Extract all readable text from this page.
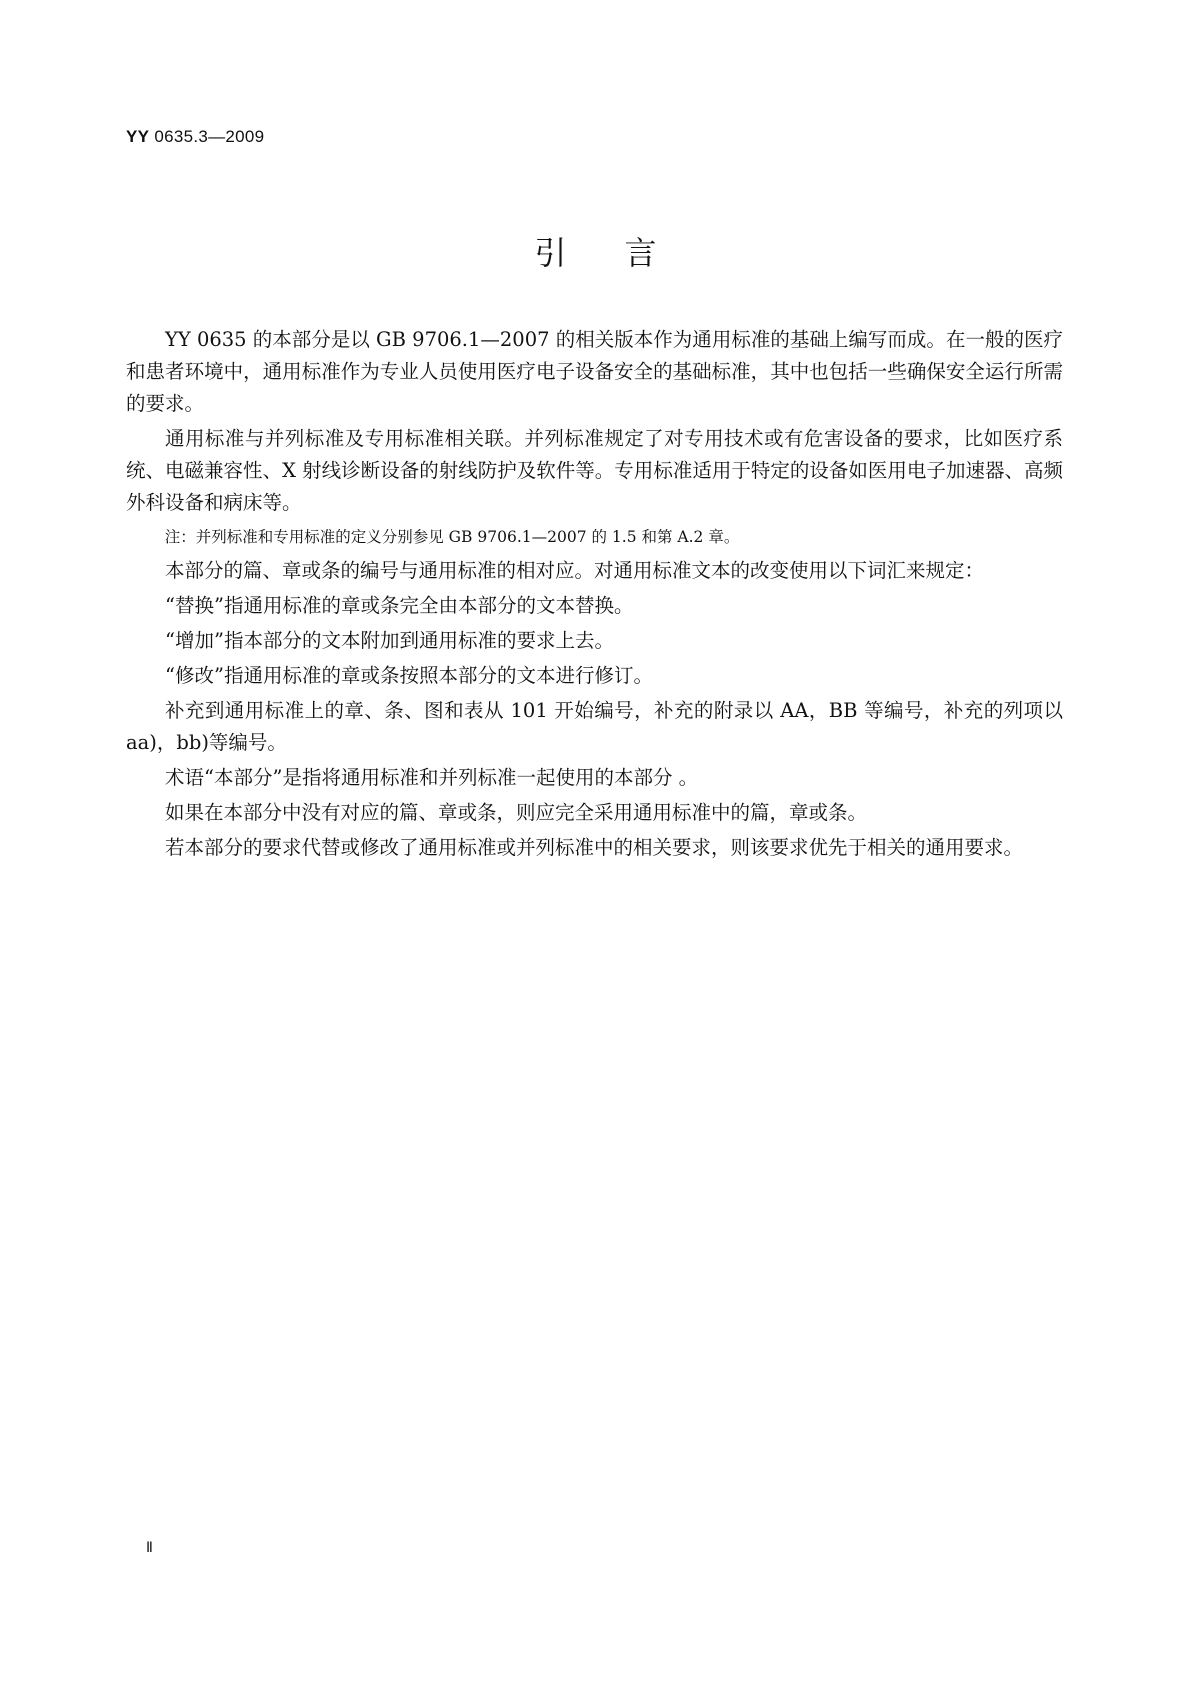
YY 0635.3—2009
引言

YY 0635 的本部分是以 GB 9706.1—2007 的相关版本作为通用标准的基础上编写而成。在一般的医疗和患者环境中，通用标准作为专业人员使用医疗电子设备安全的基础标准，其中也包括一些确保安全运行所需的要求。

通用标准与并列标准及专用标准相关联。并列标准规定了对专用技术或有危害设备的要求，比如医疗系统、电磁兼容性、X 射线诊断设备的射线防护及软件等。专用标准适用于特定的设备如医用电子加速器、高频外科设备和病床等。

注：并列标准和专用标准的定义分别参见 GB 9706.1—2007 的 1.5 和第 A.2 章。

本部分的篇、章或条的编号与通用标准的相对应。对通用标准文本的改变使用以下词汇来规定：

“替换”指通用标准的章或条完全由本部分的文本替换。

“增加”指本部分的文本附加到通用标准的要求上去。

“修改”指通用标准的章或条按照本部分的文本进行修订。

补充到通用标准上的章、条、图和表从 101 开始编号，补充的附录以 AA，BB 等编号，补充的列项以 aa)，bb)等编号。

术语“本部分”是指将通用标准和并列标准一起使用的本部分 。

如果在本部分中没有对应的篇、章或条，则应完全采用通用标准中的篇，章或条。

若本部分的要求代替或修改了通用标准或并列标准中的相关要求，则该要求优先于相关的通用要求。

Ⅱ
